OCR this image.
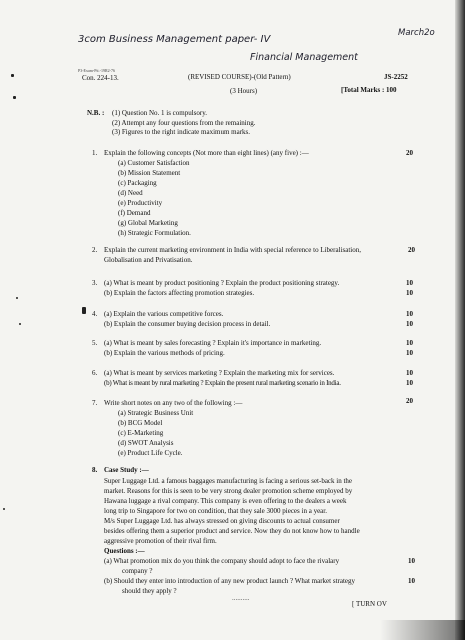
3com Business Management paper- IV
Financial Management
March2o
P3-Exam-Ptt.-19R2-76
Con. 224-13.	(REVISED COURSE)-(Old Pattern)	JS-2252
(3 Hours)	[Total Marks : 100
N.B. : (1) Question No. 1 is compulsory.
(2) Attempt any four questions from the remaining.
(3) Figures to the right indicate maximum marks.
1. Explain the following concepts (Not more than eight lines) (any five) :—	20
(a) Customer Satisfaction
(b) Mission Statement
(c) Packaging
(d) Need
(e) Productivity
(f) Demand
(g) Global Marketing
(h) Strategic Formulation.
2. Explain the current marketing environment in India with special reference to Liberalisation,	20
Globalisation and Privatisation.
3. (a) What is meant by product positioning ? Explain the product positioning strategy.	10
(b) Explain the factors affecting promotion strategies.	10
4. (a) Explain the various competitive forces.	10
(b) Explain the consumer buying decision process in detail.	10
5. (a) What is meant by sales forecasting ? Explain it's importance in marketing.	10
(b) Explain the various methods of pricing.	10
6. (a) What is meant by services marketing ? Explain the marketing mix for services.	10
(b) What is meant by rural marketing ? Explain the present rural marketing scenario in India.	10
7. Write short notes on any two of the following :—	20
(a) Strategic Business Unit
(b) BCG Model
(c) E-Marketing
(d) SWOT Analysis
(e) Product Life Cycle.
8. Case Study :—
Super Luggage Ltd. a famous baggages manufacturing is facing a serious set-back in the
market. Reasons for this is seen to be very strong dealer promotion scheme employed by
Hawana luggage a rival company. This company is even offering to the dealers a week
long trip to Singapore for two on condition, that they sale 3000 pieces in a year.
M/s Super Luggage Ltd. has always stressed on giving discounts to actual consumer
besides offering them a superior product and service. Now they do not know how to handle
aggressive promotion of their rival firm.
Questions :—
(a) What promotion mix do you think the company should adopt to face the rivalary	10
company ?
(b) Should they enter into introduction of any new product launch ? What market strategy	10
should they apply ?
..........
[ TURN OV
